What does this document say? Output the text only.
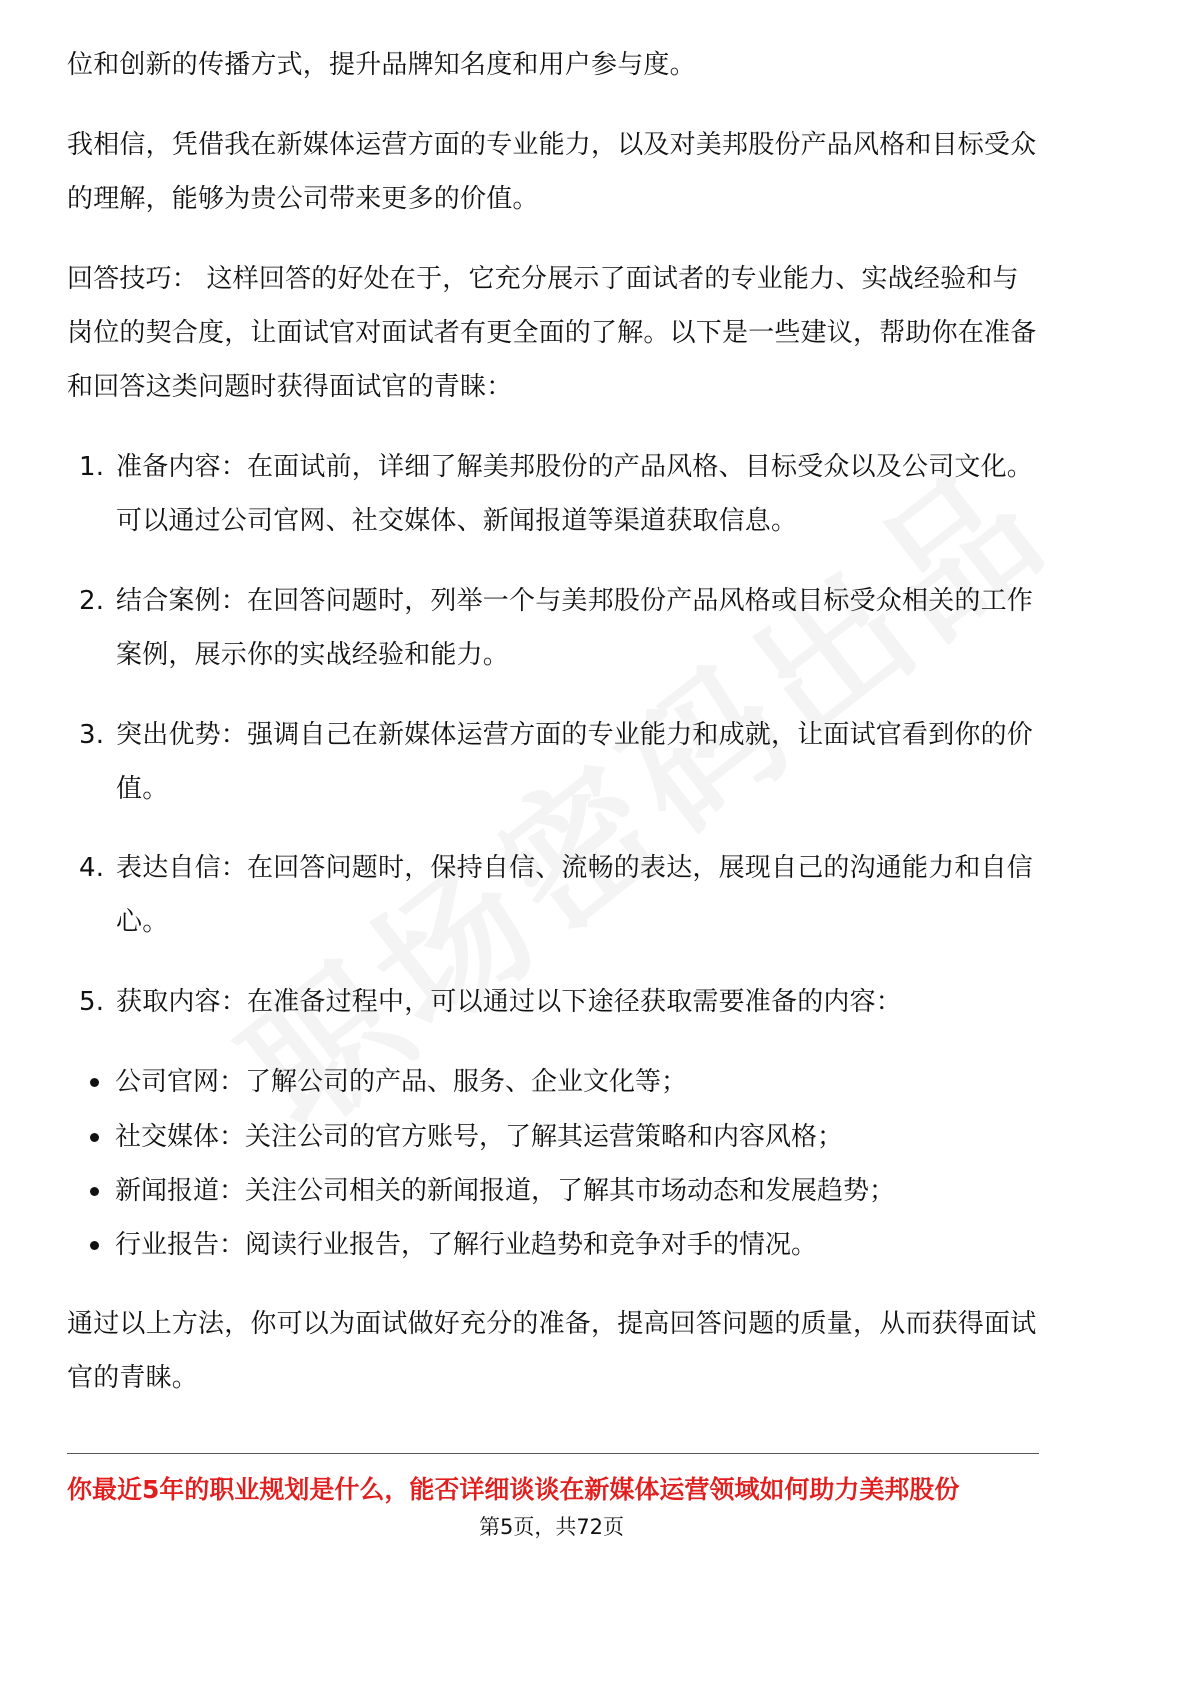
位和创新的传播方式，提升品牌知名度和用户参与度。

我相信，凭借我在新媒体运营方面的专业能力，以及对美邦股份产品风格和目标受众的理解，能够为贵公司带来更多的价值。

回答技巧： 这样回答的好处在于，它充分展示了面试者的专业能力、实战经验和与岗位的契合度，让面试官对面试者有更全面的了解。以下是一些建议，帮助你在准备和回答这类问题时获得面试官的青睐：

1. 准备内容：在面试前，详细了解美邦股份的产品风格、目标受众以及公司文化。可以通过公司官网、社交媒体、新闻报道等渠道获取信息。
2. 结合案例：在回答问题时，列举一个与美邦股份产品风格或目标受众相关的工作案例，展示你的实战经验和能力。
3. 突出优势：强调自己在新媒体运营方面的专业能力和成就，让面试官看到你的价值。
4. 表达自信：在回答问题时，保持自信、流畅的表达，展现自己的沟通能力和自信心。
5. 获取内容：在准备过程中，可以通过以下途径获取需要准备的内容：
公司官网：了解公司的产品、服务、企业文化等；
社交媒体：关注公司的官方账号，了解其运营策略和内容风格；
新闻报道：关注公司相关的新闻报道，了解其市场动态和发展趋势；
行业报告：阅读行业报告，了解行业趋势和竞争对手的情况。

通过以上方法，你可以为面试做好充分的准备，提高回答问题的质量，从而获得面试官的青睐。

你最近5年的职业规划是什么，能否详细谈谈在新媒体运营领域如何助力美邦股份
第5页，共72页
